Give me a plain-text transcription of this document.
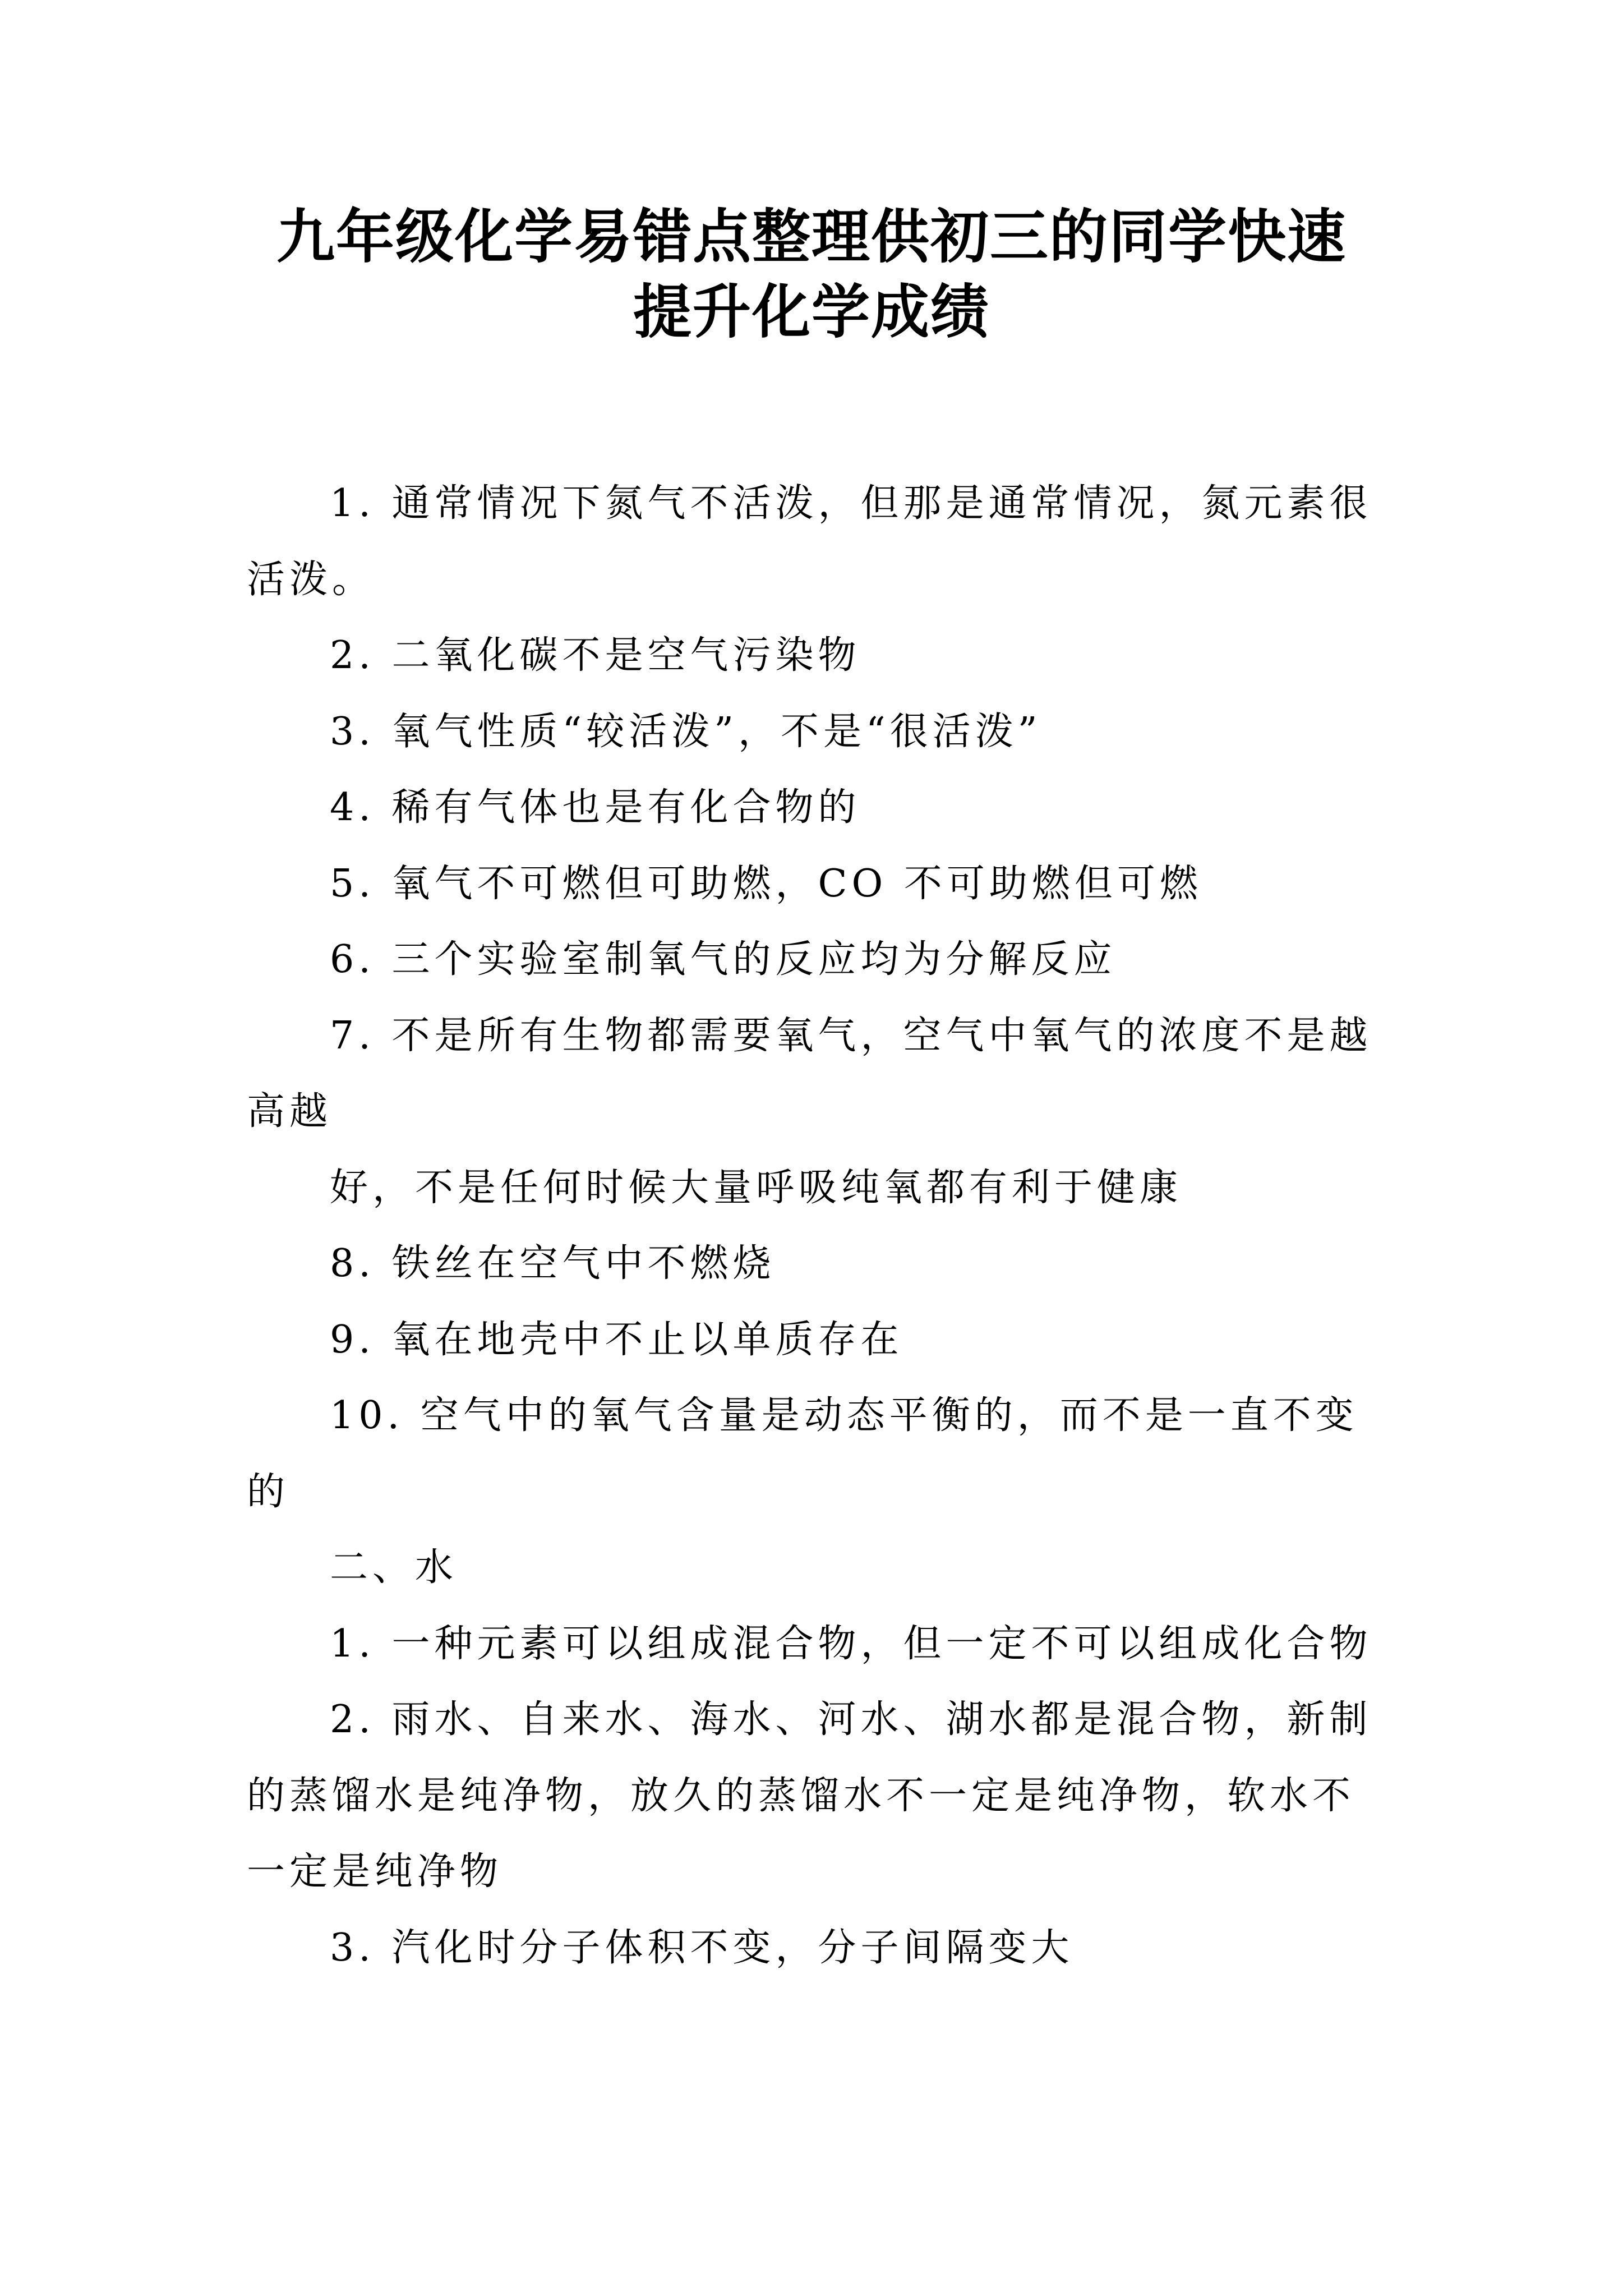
九年级化学易错点整理供初三的同学快速
提升化学成绩

1. 通常情况下氮气不活泼，但那是通常情况，氮元素很活泼。

2. 二氧化碳不是空气污染物

3. 氧气性质“较活泼”，不是“很活泼”

4. 稀有气体也是有化合物的

5. 氧气不可燃但可助燃，CO 不可助燃但可燃

6. 三个实验室制氧气的反应均为分解反应

7. 不是所有生物都需要氧气，空气中氧气的浓度不是越高越

好，不是任何时候大量呼吸纯氧都有利于健康

8. 铁丝在空气中不燃烧

9. 氧在地壳中不止以单质存在

10. 空气中的氧气含量是动态平衡的，而不是一直不变的

二、水

1. 一种元素可以组成混合物，但一定不可以组成化合物

2. 雨水、自来水、海水、河水、湖水都是混合物，新制的蒸馏水是纯净物，放久的蒸馏水不一定是纯净物，软水不一定是纯净物

3. 汽化时分子体积不变，分子间隔变大
